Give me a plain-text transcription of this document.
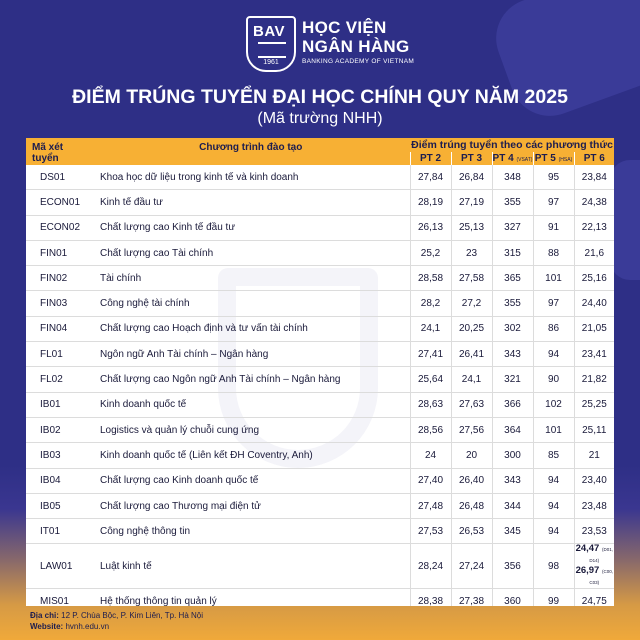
BAV
1961
HỌC VIỆN
NGÂN HÀNG
BANKING ACADEMY OF VIETNAM
ĐIỂM TRÚNG TUYỂN ĐẠI HỌC CHÍNH QUY NĂM 2025
(Mã trường NHH)
Mã xét tuyển	Chương trình đào tạo	Điểm trúng tuyển theo các phương thức				
		PT 2	PT 3	PT 4 (VSAT)	PT 5 (HSA)	PT 6
DS01	Khoa học dữ liệu trong kinh tế và kinh doanh	27,84	26,84	348	95	23,84
ECON01	Kinh tế đầu tư	28,19	27,19	355	97	24,38
ECON02	Chất lượng cao Kinh tế đầu tư	26,13	25,13	327	91	22,13
FIN01	Chất lượng cao Tài chính	25,2	23	315	88	21,6
FIN02	Tài chính	28,58	27,58	365	101	25,16
FIN03	Công nghệ tài chính	28,2	27,2	355	97	24,40
FIN04	Chất lượng cao Hoạch định và tư vấn tài chính	24,1	20,25	302	86	21,05
FL01	Ngôn ngữ Anh Tài chính – Ngân hàng	27,41	26,41	343	94	23,41
FL02	Chất lượng cao Ngôn ngữ Anh Tài chính – Ngân hàng	25,64	24,1	321	90	21,82
IB01	Kinh doanh quốc tế	28,63	27,63	366	102	25,25
IB02	Logistics và quản lý chuỗi cung ứng	28,56	27,56	364	101	25,11
IB03	Kinh doanh quốc tế (Liên kết ĐH Coventry, Anh)	24	20	300	85	21
IB04	Chất lượng cao Kinh doanh quốc tế	27,40	26,40	343	94	23,40
IB05	Chất lượng cao Thương mại điện tử	27,48	26,48	344	94	23,48
IT01	Công nghệ thông tin	27,53	26,53	345	94	23,53
LAW01	Luật kinh tế	28,24	27,24	356	98	24,47 (D01, D14)
26,97 (C00, C03)

MIS01	Hệ thống thông tin quản lý	28,38	27,38	360	99	24,75

Địa chỉ: 12 P. Chùa Bộc, P. Kim Liên, Tp. Hà Nội
Website: hvnh.edu.vn
